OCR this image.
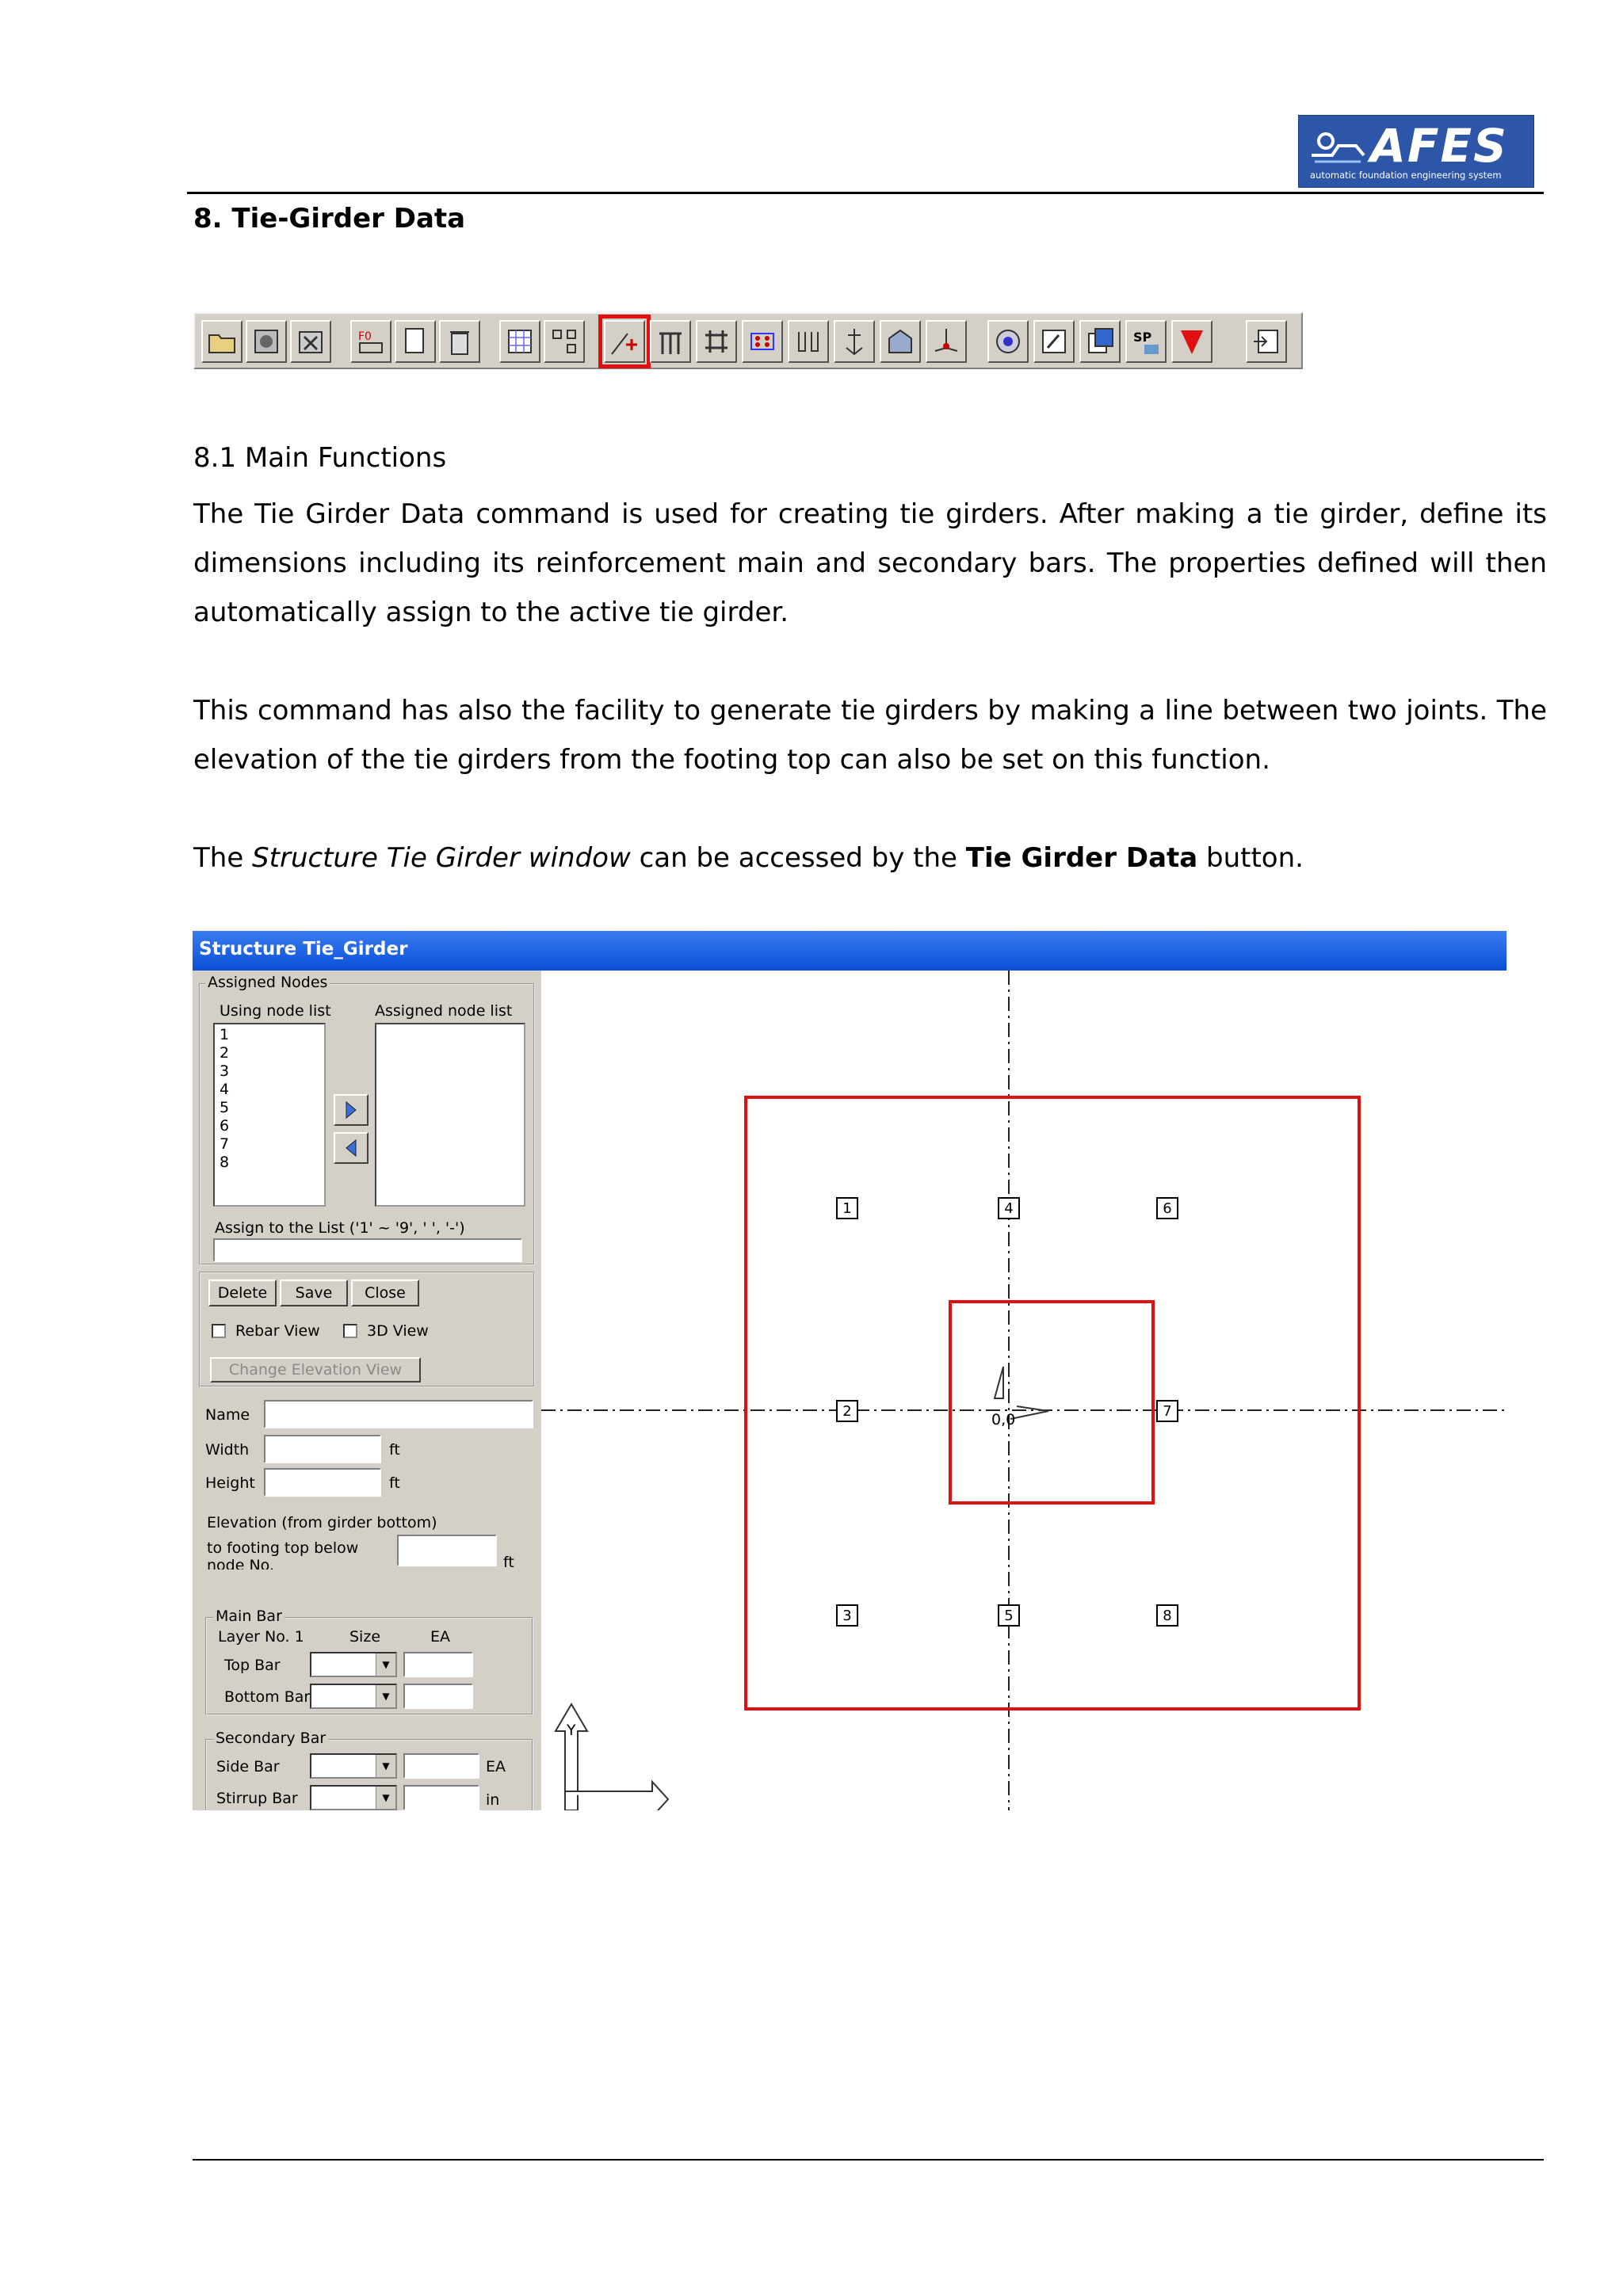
AFES
automatic foundation engineering system
8. Tie-Girder Data
F0	SP
8.1 Main Functions
The Tie Girder Data command is used for creating tie girders. After making a tie girder, define its dimensions including its reinforcement main and secondary bars. The properties defined will then automatically assign to the active tie girder.
This command has also the facility to generate tie girders by making a line between two joints. The elevation of the tie girders from the footing top can also be set on this function.
The Structure Tie Girder window can be accessed by the Tie Girder Data button.
Structure Tie_Girder
Assigned Nodes
Using node list	Assigned node list
1
2
3
4
5
6
7
8
Assign to the List ('1' ~ '9', ' ', '-')
Delete	Save	Close
Rebar View	3D View
Change Elevation View
Name
Width	ft
Height	ft
Elevation (from girder bottom)
to footing top below
node No.	ft
Main Bar
Layer No. 1	Size	EA
Top Bar	▼
Bottom Bar	▼
Secondary Bar
Side Bar	▼	EA
Stirrup Bar	▼	in
0,0
Y
1	4	6
2	7
3	5	8
